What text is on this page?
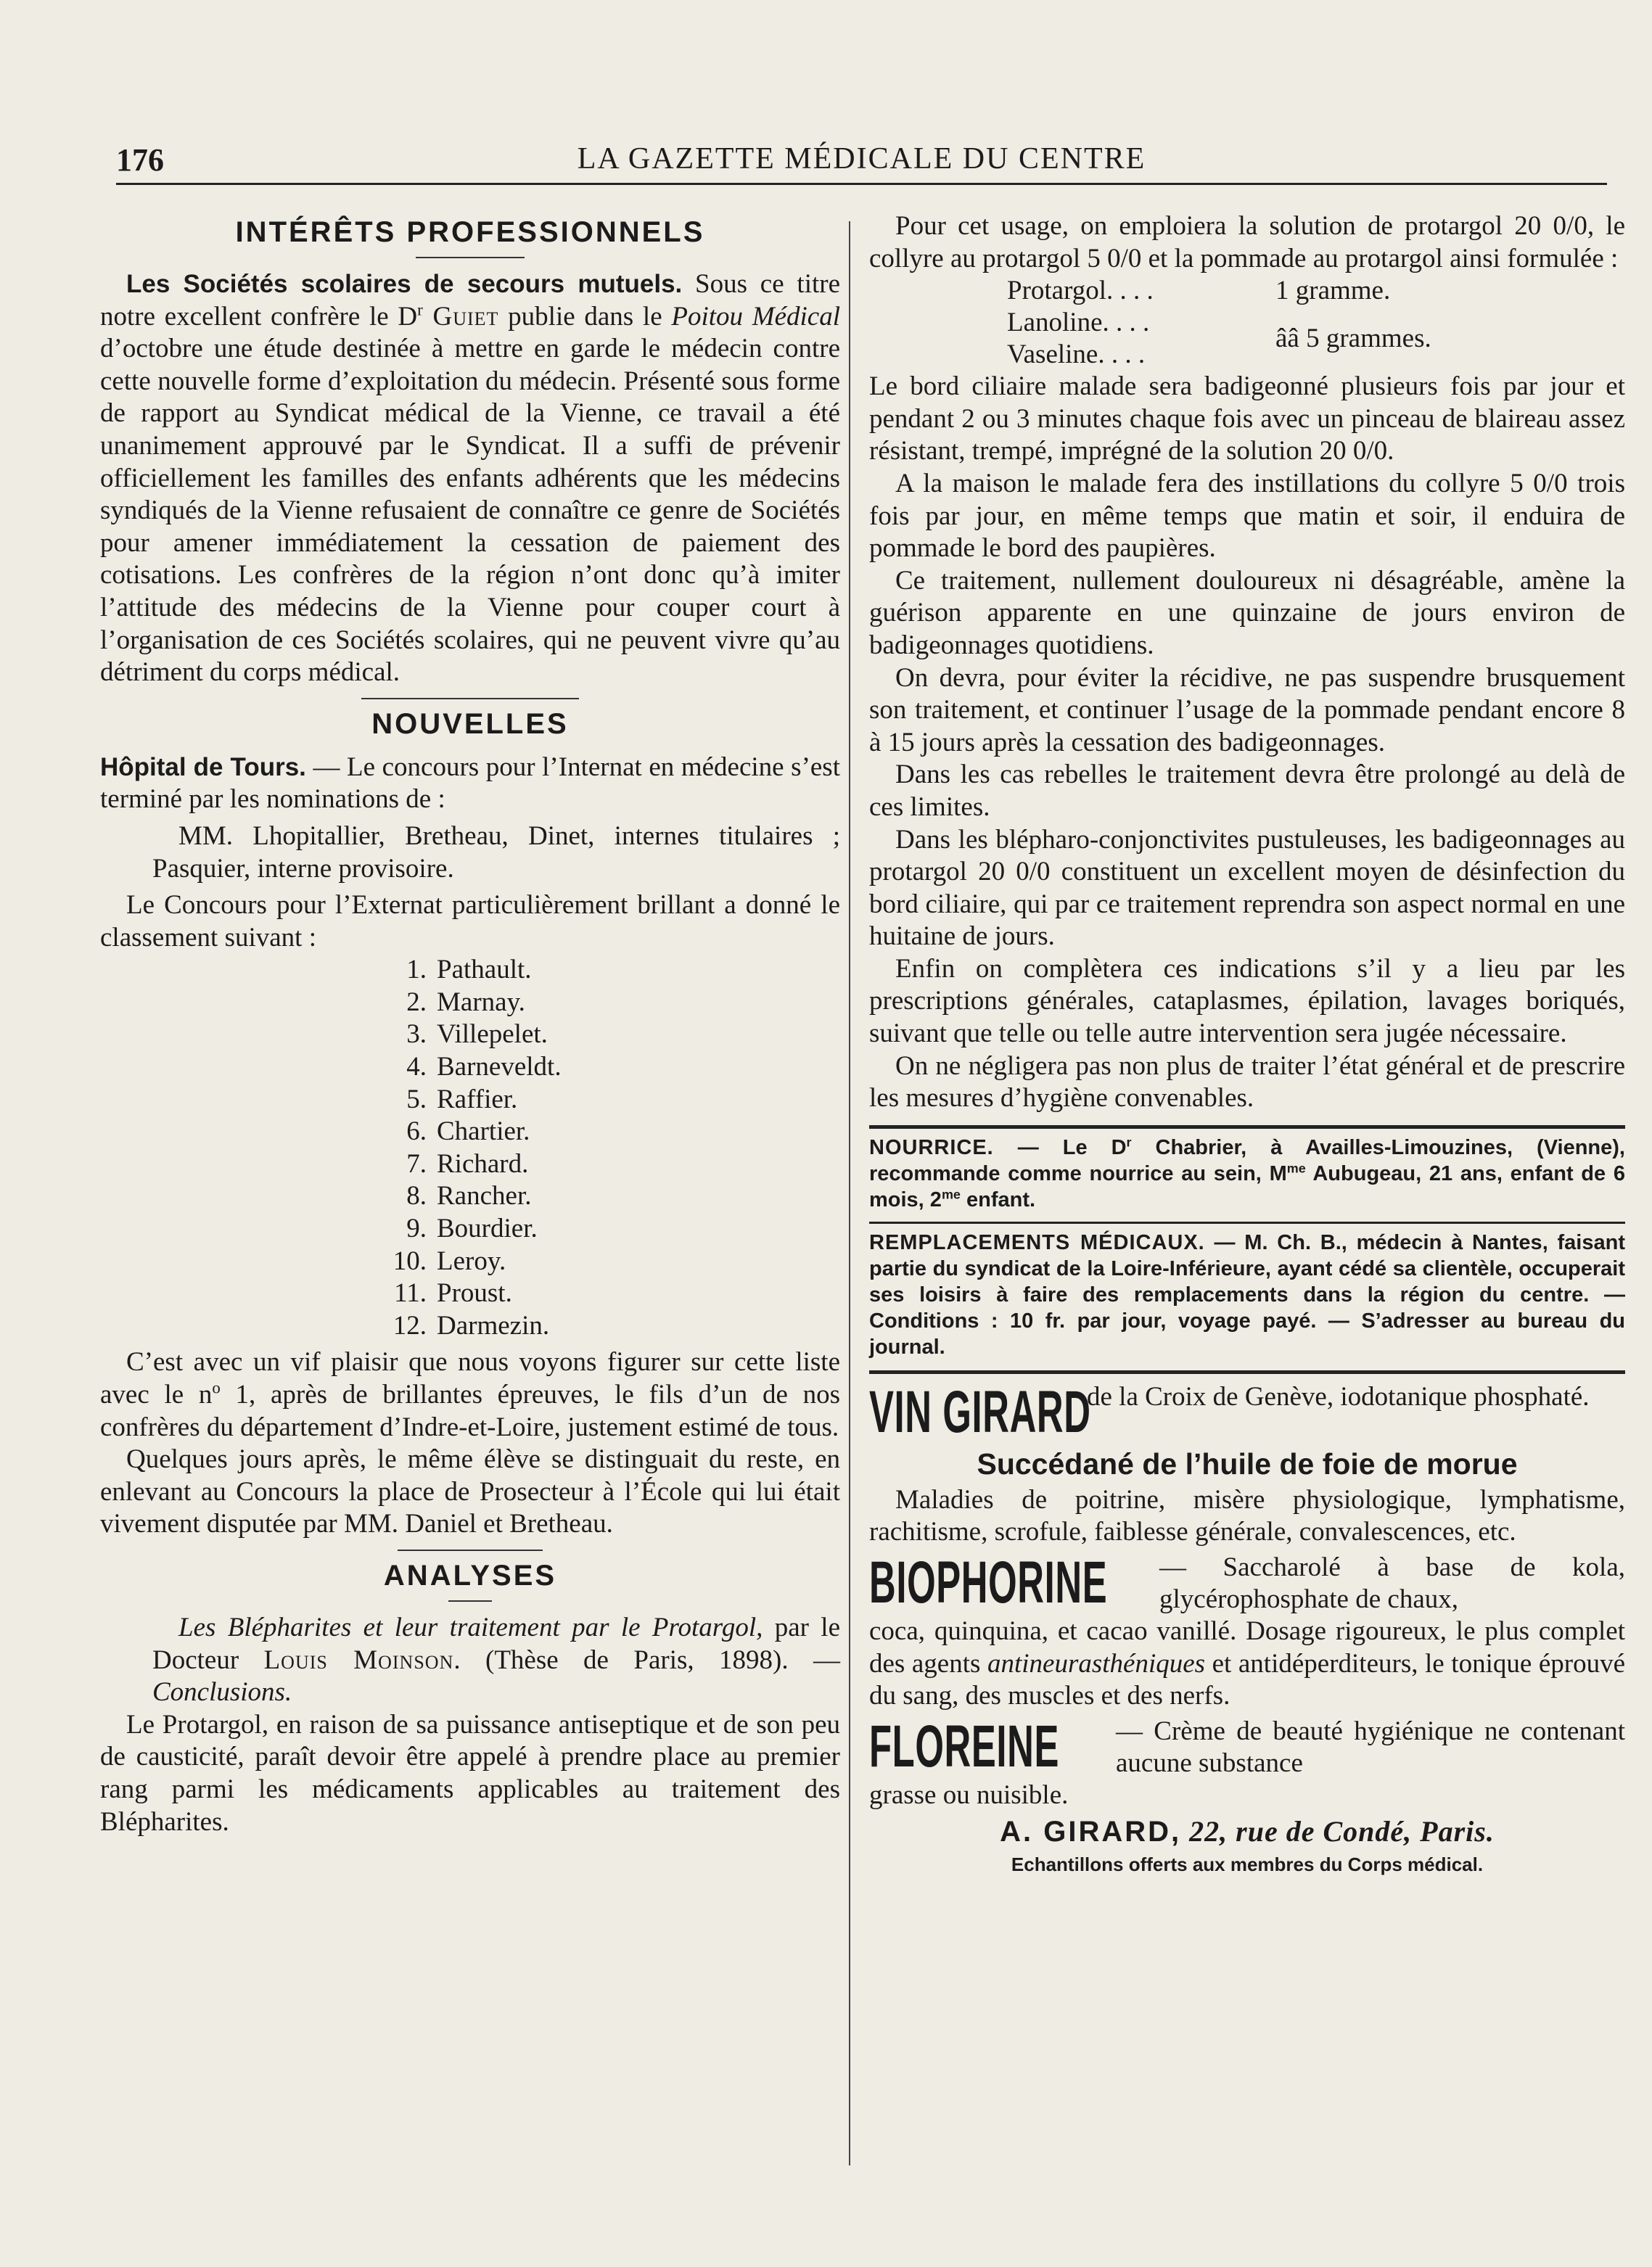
176	LA GAZETTE MÉDICALE DU CENTRE
INTÉRÊTS PROFESSIONNELS

Les Sociétés scolaires de secours mutuels. Sous ce titre notre excellent confrère le $D^r$ Guiet publie dans le Poitou Médical d’octobre une étude destinée à mettre en garde le médecin contre cette nouvelle forme d’exploitation du médecin. Présenté sous forme de rapport au Syndicat médical de la Vienne, ce travail a été unanimement approuvé par le Syndicat. Il a suffi de prévenir officiellement les familles des enfants adhérents que les médecins syndiqués de la Vienne refusaient de connaître ce genre de Sociétés pour amener immédiatement la cessation de paiement des cotisations. Les confrères de la région n’ont donc qu’à imiter l’attitude des médecins de la Vienne pour couper court à l’organisation de ces Sociétés scolaires, qui ne peuvent vivre qu’au détriment du corps médical.

NOUVELLES

Hôpital de Tours. — Le concours pour l’Internat en médecine s’est terminé par les nominations de :

MM. Lhopitallier, Bretheau, Dinet, internes titulaires ; Pasquier, interne provisoire.

Le Concours pour l’Externat particulièrement brillant a donné le classement suivant :

1. Pathault.
2. Marnay.
3. Villepelet.
4. Barneveldt.
5. Raffier.
6. Chartier.
7. Richard.
8. Rancher.
9. Bourdier.
10. Leroy.
11. Proust.
12. Darmezin.

C’est avec un vif plaisir que nous voyons figurer sur cette liste avec le $n^o$ 1, après de brillantes épreuves, le fils d’un de nos confrères du département d’Indre-et-Loire, justement estimé de tous.

Quelques jours après, le même élève se distinguait du reste, en enlevant au Concours la place de Prosecteur à l’École qui lui était vivement disputée par MM. Daniel et Bretheau.

ANALYSES

Les Blépharites et leur traitement par le Protargol, par le Docteur Louis Moinson. (Thèse de Paris, 1898). — Conclusions.

Le Protargol, en raison de sa puissance antiseptique et de son peu de causticité, paraît devoir être appelé à prendre place au premier rang parmi les médicaments applicables au traitement des Blépharites.

Pour cet usage, on emploiera la solution de protargol 20 0/0, le collyre au protargol 5 0/0 et la pommade au protargol ainsi formulée :

Protargol. . . .	1 gramme.
Lanoline. . . .
Vaseline. . . .
ââ 5 grammes.

Le bord ciliaire malade sera badigeonné plusieurs fois par jour et pendant 2 ou 3 minutes chaque fois avec un pinceau de blaireau assez résistant, trempé, imprégné de la solution 20 0/0.

A la maison le malade fera des instillations du collyre 5 0/0 trois fois par jour, en même temps que matin et soir, il enduira de pommade le bord des paupières.

Ce traitement, nullement douloureux ni désagréable, amène la guérison apparente en une quinzaine de jours environ de badigeonnages quotidiens.

On devra, pour éviter la récidive, ne pas suspendre brusquement son traitement, et continuer l’usage de la pommade pendant encore 8 à 15 jours après la cessation des badigeonnages.

Dans les cas rebelles le traitement devra être prolongé au delà de ces limites.

Dans les blépharo-conjonctivites pustuleuses, les badigeonnages au protargol 20 0/0 constituent un excellent moyen de désinfection du bord ciliaire, qui par ce traitement reprendra son aspect normal en une huitaine de jours.

Enfin on complètera ces indications s’il y a lieu par les prescriptions générales, cataplasmes, épilation, lavages boriqués, suivant que telle ou telle autre intervention sera jugée nécessaire.

On ne négligera pas non plus de traiter l’état général et de prescrire les mesures d’hygiène convenables.

NOURRICE. — Le $D^r$ Chabrier, à Availles-Limouzines, (Vienne), recommande comme nourrice au sein, $M^{me}$ Aubugeau, 21 ans, enfant de 6 mois, $2^{me}$ enfant.
REMPLACEMENTS MÉDICAUX. — M. Ch. B., médecin à Nantes, faisant partie du syndicat de la Loire-Inférieure, ayant cédé sa clientèle, occuperait ses loisirs à faire des remplacements dans la région du centre. — Conditions : 10 fr. par jour, voyage payé. — S’adresser au bureau du journal.
VIN GIRARD
de la Croix de Genève, iodotanique phosphaté.
Succédané de l’huile de foie de morue

Maladies de poitrine, misère physiologique, lymphatisme, rachitisme, scrofule, faiblesse générale, convalescences, etc.

BIOPHORINE — Saccharolé à base de kola, glycérophosphate de chaux,

coca, quinquina, et cacao vanillé. Dosage rigoureux, le plus complet des agents antineurasthéniques et antidéperditeurs, le tonique éprouvé du sang, des muscles et des nerfs.

FLOREINE — Crème de beauté hygiénique ne contenant aucune substance

grasse ou nuisible.

A. GIRARD, 22, rue de Condé, Paris.
Echantillons offerts aux membres du Corps médical.
